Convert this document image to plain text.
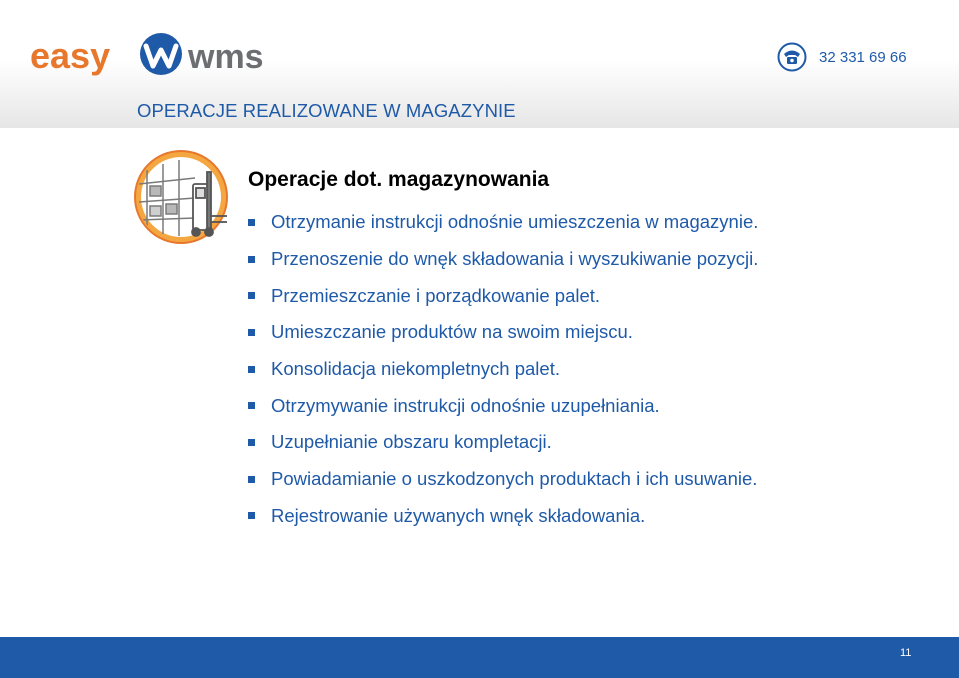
easy wms	32 331 69 66
OPERACJE REALIZOWANE W MAGAZYNIE
Operacje dot. magazynowania
Otrzymanie instrukcji odnośnie umieszczenia w magazynie.
Przenoszenie do wnęk składowania i wyszukiwanie pozycji.
Przemieszczanie i porządkowanie palet.
Umieszczanie produktów na swoim miejscu.
Konsolidacja niekompletnych palet.
Otrzymywanie instrukcji odnośnie uzupełniania.
Uzupełnianie obszaru kompletacji.
Powiadamianie o uszkodzonych produktach i ich usuwanie.
Rejestrowanie używanych wnęk składowania.
11
